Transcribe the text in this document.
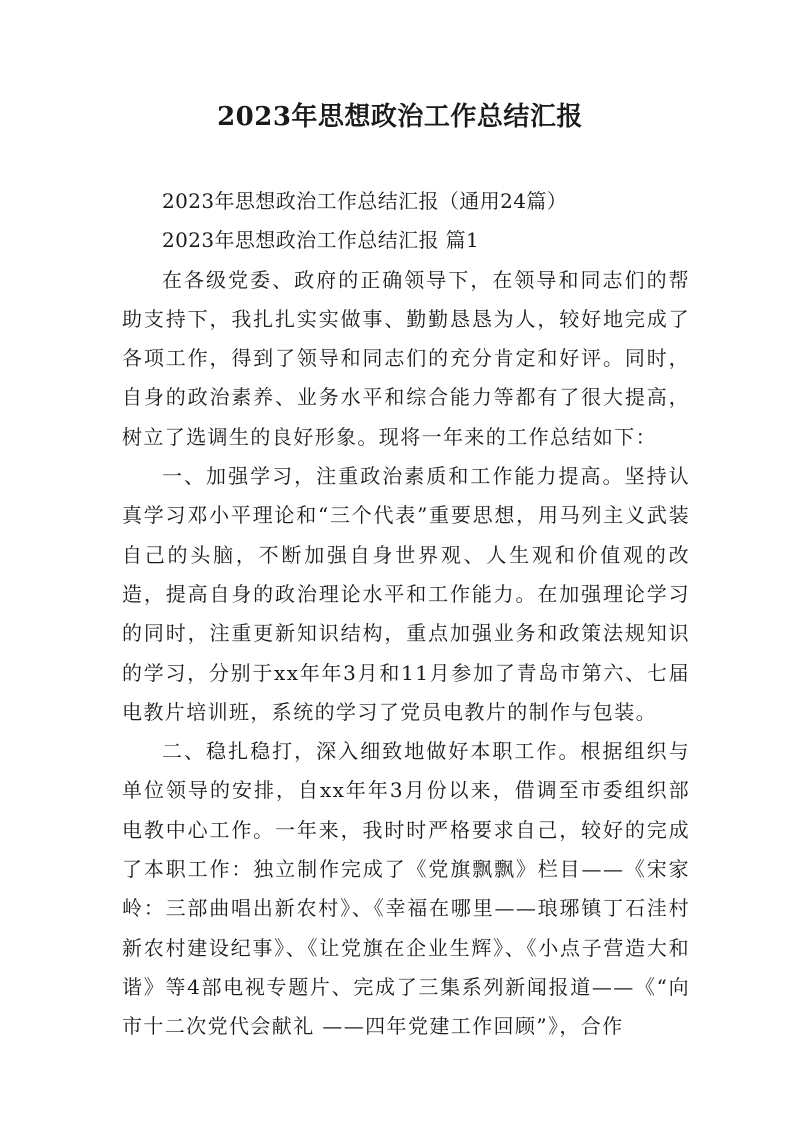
2023年思想政治工作总结汇报

2023年思想政治工作总结汇报（通用24篇）

2023年思想政治工作总结汇报 篇1

在各级党委、政府的正确领导下，在领导和同志们的帮助支持下，我扎扎实实做事、勤勤恳恳为人，较好地完成了各项工作，得到了领导和同志们的充分肯定和好评。同时，自身的政治素养、业务水平和综合能力等都有了很大提高，树立了选调生的良好形象。现将一年来的工作总结如下：

一、加强学习，注重政治素质和工作能力提高。坚持认真学习邓小平理论和“三个代表”重要思想，用马列主义武装自己的头脑，不断加强自身世界观、人生观和价值观的改造，提高自身的政治理论水平和工作能力。在加强理论学习的同时，注重更新知识结构，重点加强业务和政策法规知识的学习，分别于xx年年3月和11月参加了青岛市第六、七届电教片培训班，系统的学习了党员电教片的制作与包装。

二、稳扎稳打，深入细致地做好本职工作。根据组织与单位领导的安排，自xx年年3月份以来，借调至市委组织部电教中心工作。一年来，我时时严格要求自己，较好的完成了本职工作：独立制作完成了《党旗飘飘》栏目——《宋家岭：三部曲唱出新农村》、《幸福在哪里——琅琊镇丁石洼村新农村建设纪事》、《让党旗在企业生辉》、《小点子营造大和谐》等4部电视专题片、完成了三集系列新闻报道——《“向市十二次党代会献礼 ——四年党建工作回顾”》，合作
